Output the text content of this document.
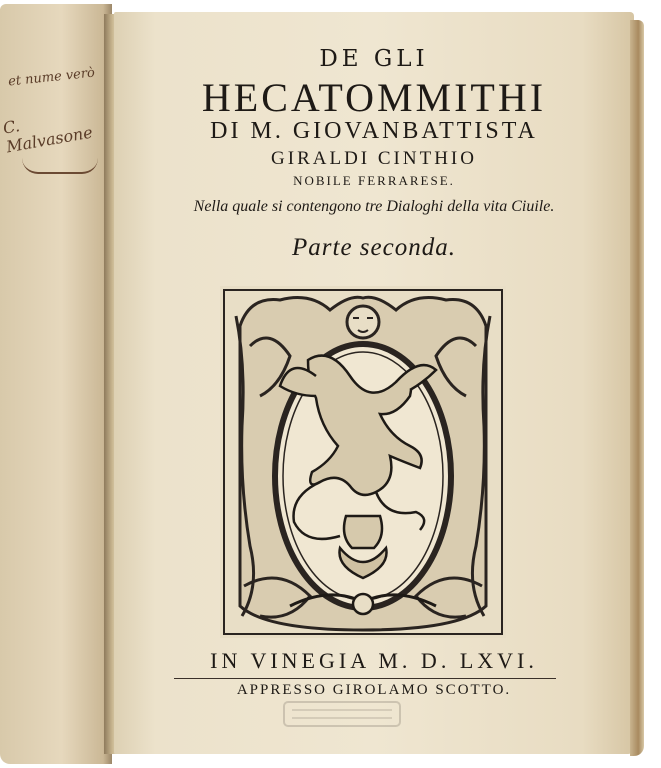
et nume verò
C. Malvasone
DE GLI
HECATOMMITHI
DI M. GIOVANBATTISTA
GIRALDI CINTHIO
NOBILE FERRARESE.
Nella quale si contengono tre Dialoghi della vita Ciuile.
Parte seconda.
IN VINEGIA M. D. LXVI.
APPRESSO GIROLAMO SCOTTO.
